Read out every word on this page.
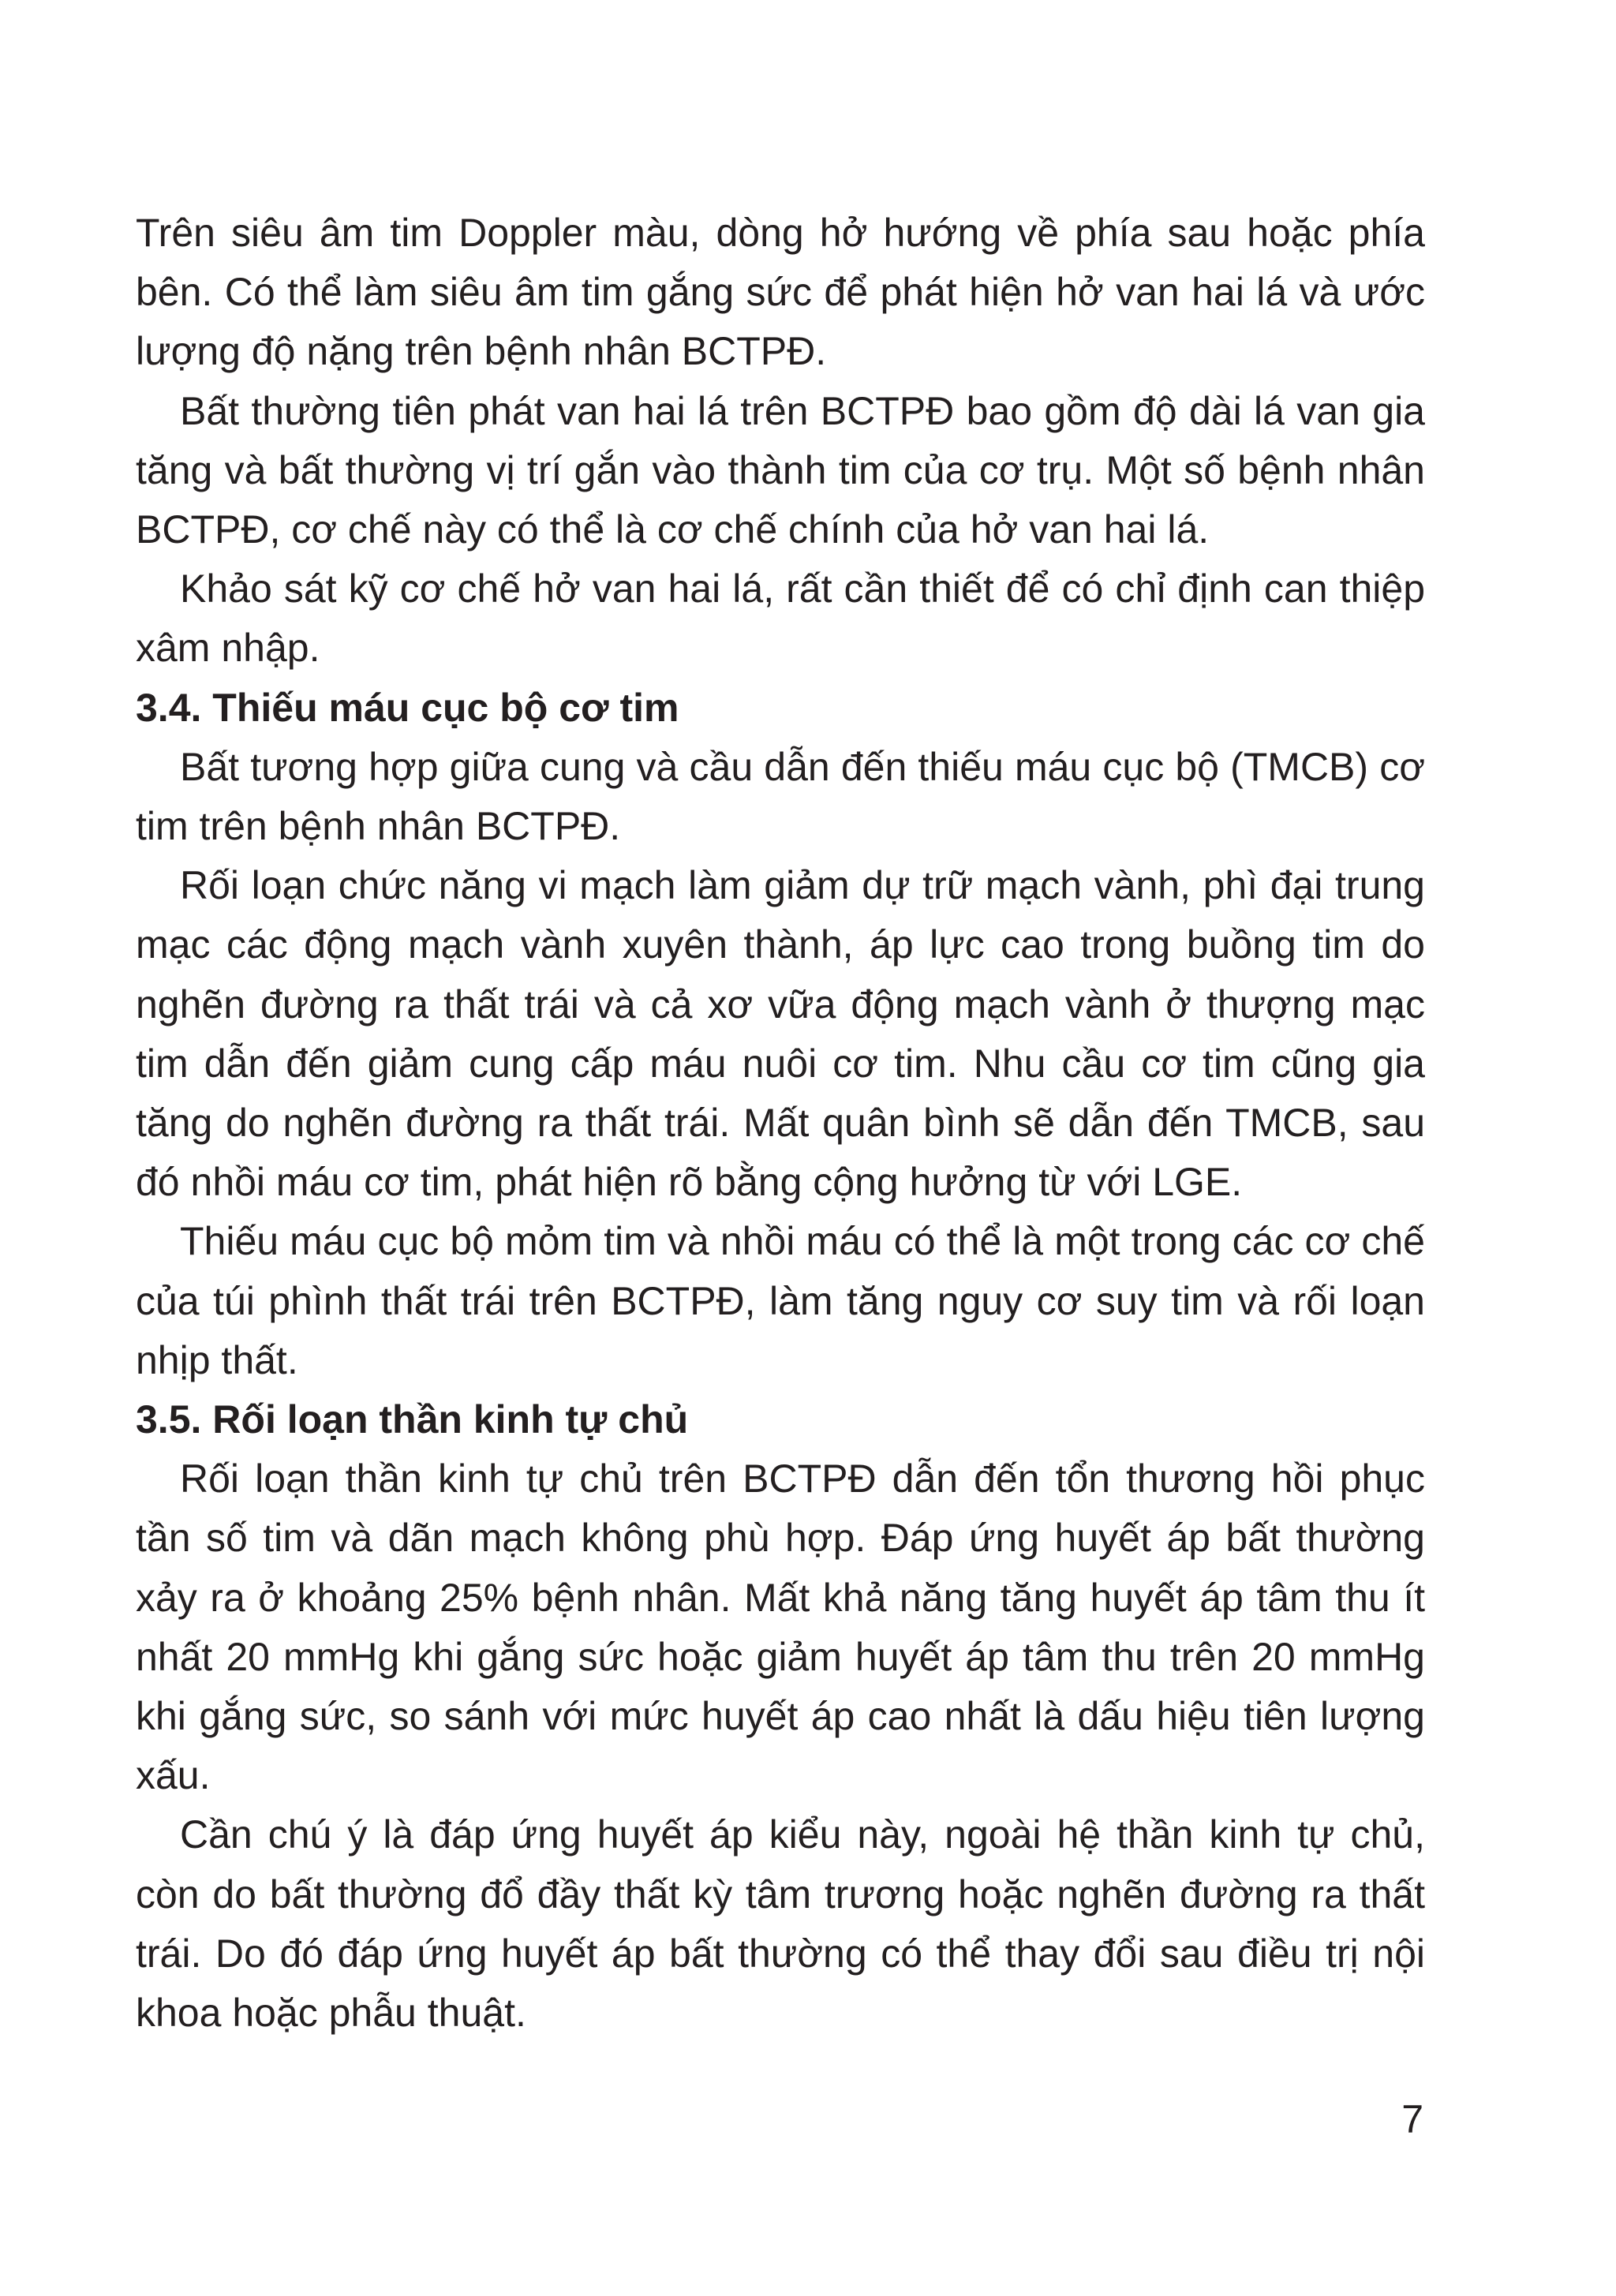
Trên siêu âm tim Doppler màu, dòng hở hướng về phía sau hoặc phía bên. Có thể làm siêu âm tim gắng sức để phát hiện hở van hai lá và ước lượng độ nặng trên bệnh nhân BCTPĐ.

Bất thường tiên phát van hai lá trên BCTPĐ bao gồm độ dài lá van gia tăng và bất thường vị trí gắn vào thành tim của cơ trụ. Một số bệnh nhân BCTPĐ, cơ chế này có thể là cơ chế chính của hở van hai lá.

Khảo sát kỹ cơ chế hở van hai lá, rất cần thiết để có chỉ định can thiệp xâm nhập.

3.4. Thiếu máu cục bộ cơ tim

Bất tương hợp giữa cung và cầu dẫn đến thiếu máu cục bộ (TMCB) cơ tim trên bệnh nhân BCTPĐ.

Rối loạn chức năng vi mạch làm giảm dự trữ mạch vành, phì đại trung mạc các động mạch vành xuyên thành, áp lực cao trong buồng tim do nghẽn đường ra thất trái và cả xơ vữa động mạch vành ở thượng mạc tim dẫn đến giảm cung cấp máu nuôi cơ tim. Nhu cầu cơ tim cũng gia tăng do nghẽn đường ra thất trái. Mất quân bình sẽ dẫn đến TMCB, sau đó nhồi máu cơ tim, phát hiện rõ bằng cộng hưởng từ với LGE.

Thiếu máu cục bộ mỏm tim và nhồi máu có thể là một trong các cơ chế của túi phình thất trái trên BCTPĐ, làm tăng nguy cơ suy tim và rối loạn nhịp thất.

3.5. Rối loạn thần kinh tự chủ

Rối loạn thần kinh tự chủ trên BCTPĐ dẫn đến tổn thương hồi phục tần số tim và dãn mạch không phù hợp. Đáp ứng huyết áp bất thường xảy ra ở khoảng 25% bệnh nhân. Mất khả năng tăng huyết áp tâm thu ít nhất 20 mmHg khi gắng sức hoặc giảm huyết áp tâm thu trên 20 mmHg khi gắng sức, so sánh với mức huyết áp cao nhất là dấu hiệu tiên lượng xấu.

Cần chú ý là đáp ứng huyết áp kiểu này, ngoài hệ thần kinh tự chủ, còn do bất thường đổ đầy thất kỳ tâm trương hoặc nghẽn đường ra thất trái. Do đó đáp ứng huyết áp bất thường có thể thay đổi sau điều trị nội khoa hoặc phẫu thuật.

7
